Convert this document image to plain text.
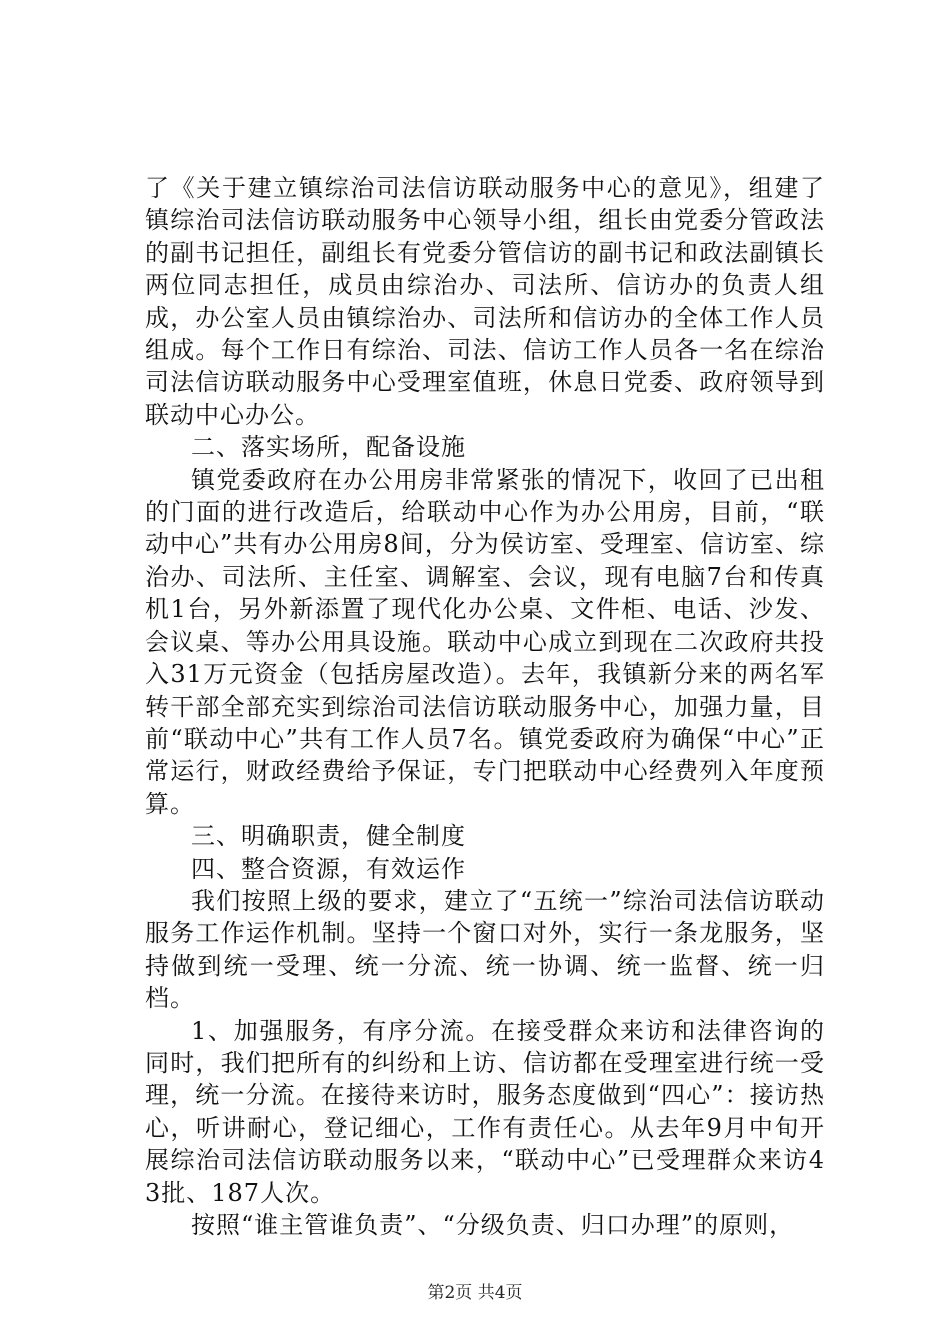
了《关于建立镇综治司法信访联动服务中心的意见》，组建了镇综治司法信访联动服务中心领导小组，组长由党委分管政法的副书记担任，副组长有党委分管信访的副书记和政法副镇长两位同志担任，成员由综治办、司法所、信访办的负责人组成，办公室人员由镇综治办、司法所和信访办的全体工作人员组成。每个工作日有综治、司法、信访工作人员各一名在综治司法信访联动服务中心受理室值班，休息日党委、政府领导到联动中心办公。

二、落实场所，配备设施

镇党委政府在办公用房非常紧张的情况下，收回了已出租的门面的进行改造后，给联动中心作为办公用房，目前，“联动中心”共有办公用房8间，分为侯访室、受理室、信访室、综治办、司法所、主任室、调解室、会议，现有电脑7台和传真机1台，另外新添置了现代化办公桌、文件柜、电话、沙发、会议桌、等办公用具设施。联动中心成立到现在二次政府共投入31万元资金（包括房屋改造）。去年，我镇新分来的两名军转干部全部充实到综治司法信访联动服务中心，加强力量，目前“联动中心”共有工作人员7名。镇党委政府为确保“中心”正常运行，财政经费给予保证，专门把联动中心经费列入年度预算。

三、明确职责，健全制度

四、整合资源，有效运作

我们按照上级的要求，建立了“五统一”综治司法信访联动服务工作运作机制。坚持一个窗口对外，实行一条龙服务，坚持做到统一受理、统一分流、统一协调、统一监督、统一归档。

1、加强服务，有序分流。在接受群众来访和法律咨询的同时，我们把所有的纠纷和上访、信访都在受理室进行统一受理，统一分流。在接待来访时，服务态度做到“四心”：接访热心，听讲耐心，登记细心，工作有责任心。从去年9月中旬开展综治司法信访联动服务以来，“联动中心”已受理群众来访43批、187人次。

按照“谁主管谁负责”、“分级负责、归口办理”的原则，

第2页 共4页
